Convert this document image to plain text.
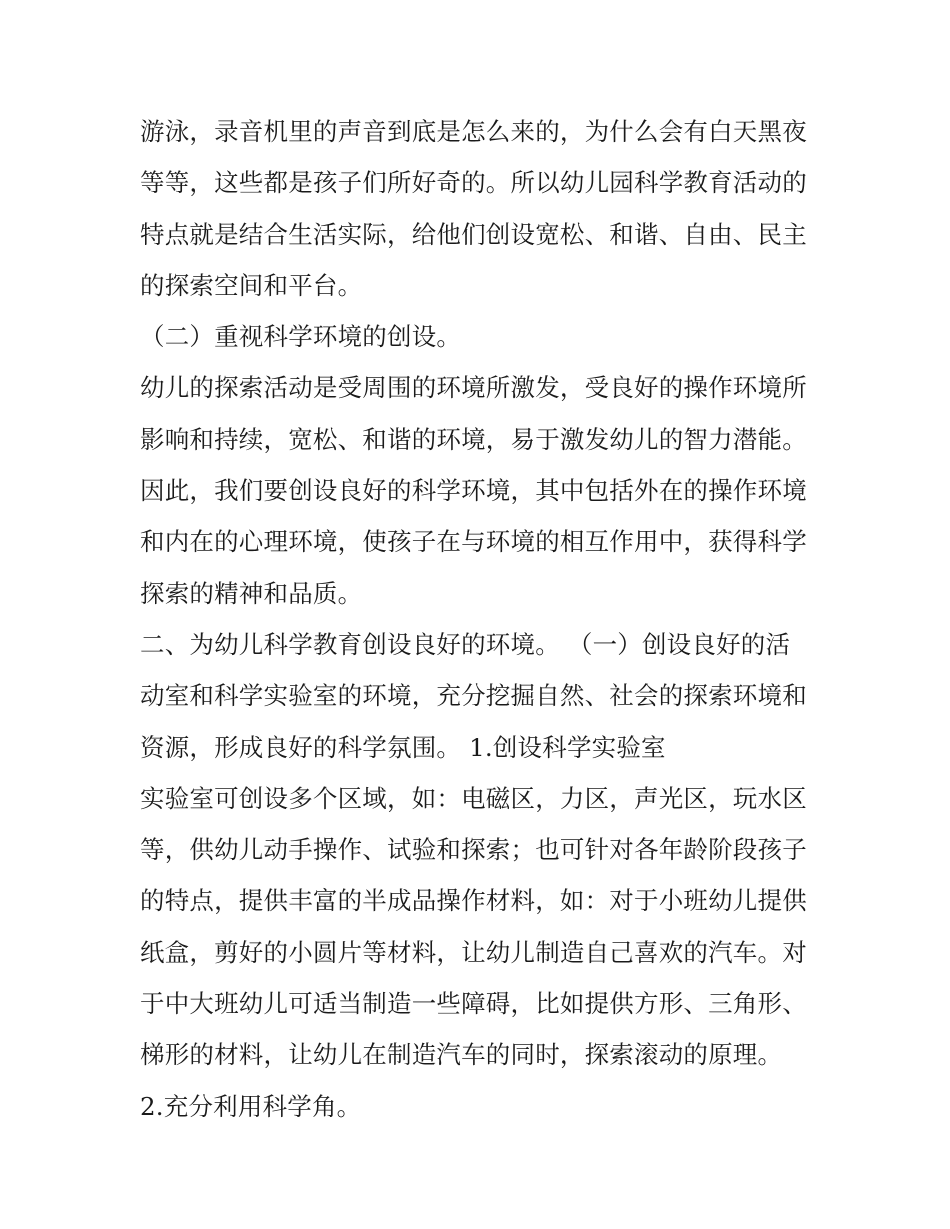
游泳，录音机里的声音到底是怎么来的，为什么会有白天黑夜
等等，这些都是孩子们所好奇的。所以幼儿园科学教育活动的
特点就是结合生活实际，给他们创设宽松、和谐、自由、民主
的探索空间和平台。
（二）重视科学环境的创设。
幼儿的探索活动是受周围的环境所激发，受良好的操作环境所
影响和持续，宽松、和谐的环境，易于激发幼儿的智力潜能。
因此，我们要创设良好的科学环境，其中包括外在的操作环境
和内在的心理环境，使孩子在与环境的相互作用中，获得科学
探索的精神和品质。
二、为幼儿科学教育创设良好的环境。 （一）创设良好的活
动室和科学实验室的环境，充分挖掘自然、社会的探索环境和
资源，形成良好的科学氛围。 1.创设科学实验室
实验室可创设多个区域，如：电磁区，力区，声光区，玩水区
等，供幼儿动手操作、试验和探索；也可针对各年龄阶段孩子
的特点，提供丰富的半成品操作材料，如：对于小班幼儿提供
纸盒，剪好的小圆片等材料，让幼儿制造自己喜欢的汽车。对
于中大班幼儿可适当制造一些障碍，比如提供方形、三角形、
梯形的材料，让幼儿在制造汽车的同时，探索滚动的原理。
2.充分利用科学角。
